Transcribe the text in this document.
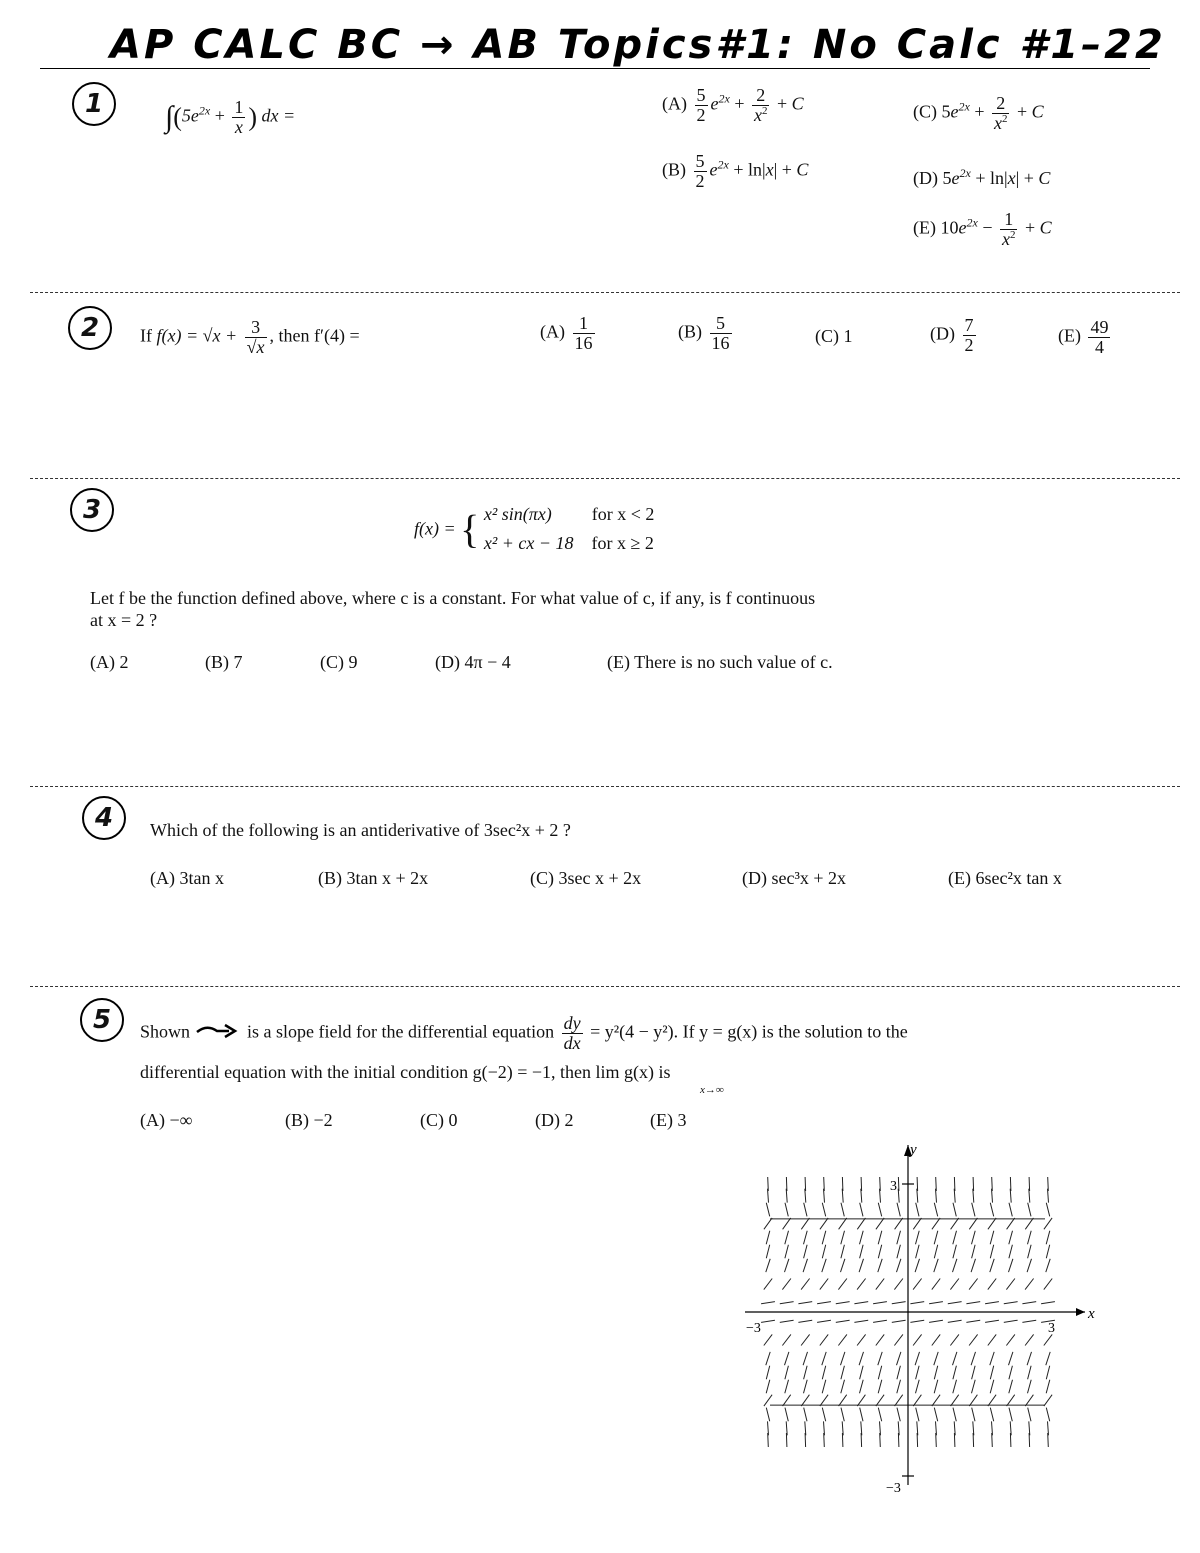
AP CALC BC → AB Topics#1: No Calc #1–22
1	$\int(5e^{2x} + \frac{1}{x}$ ) dx =
$(A) \frac{5}{2} e^{2x} + \frac{2}{x^2} + C$	(C) $5e^{2x} + \frac{2}{x^2} + C$
$(B) \frac{5}{2} e^{2x} + \ln|x| + C$	(D) $5e^{2x} + \ln|x| + C$
(E) $10e^{2x} - \frac{1}{x^2} + C$
2	If $f(x) = √x + \frac{3}{√x}$ , then f′(4) =	$(A) \frac{1}{16}$	$(B) \frac{5}{16}$	(C) 1	$(D) \frac{7}{2}$	$(E) \frac{49}{4}$
3
f(x) = { x² sin(πx) for x < 2
x² + cx − 18 for x ≥ 2
Let f be the function defined above, where c is a constant. For what value of c, if any, is f continuous
at x = 2 ?
(A) 2	(B) 7	(C) 9	(D) 4π − 4	(E) There is no such value of c.
4	Which of the following is an antiderivative of 3sec²x + 2 ?
(A) 3tan x	(B) 3tan x + 2x	(C) 3sec x + 2x	(D) sec³x + 2x	(E) 6sec²x tan x
5	Shown	is a slope field for the differential equation $\frac{dy}{dx} = y^2(4 - y^2)$. If y = g(x) is the solution to the
differential equation with the initial condition g(−2) = −1, then lim g(x) is
x→∞
(A) −∞	(B) −2	(C) 0	(D) 2	(E) 3
y
x
−3	3
3
−3
